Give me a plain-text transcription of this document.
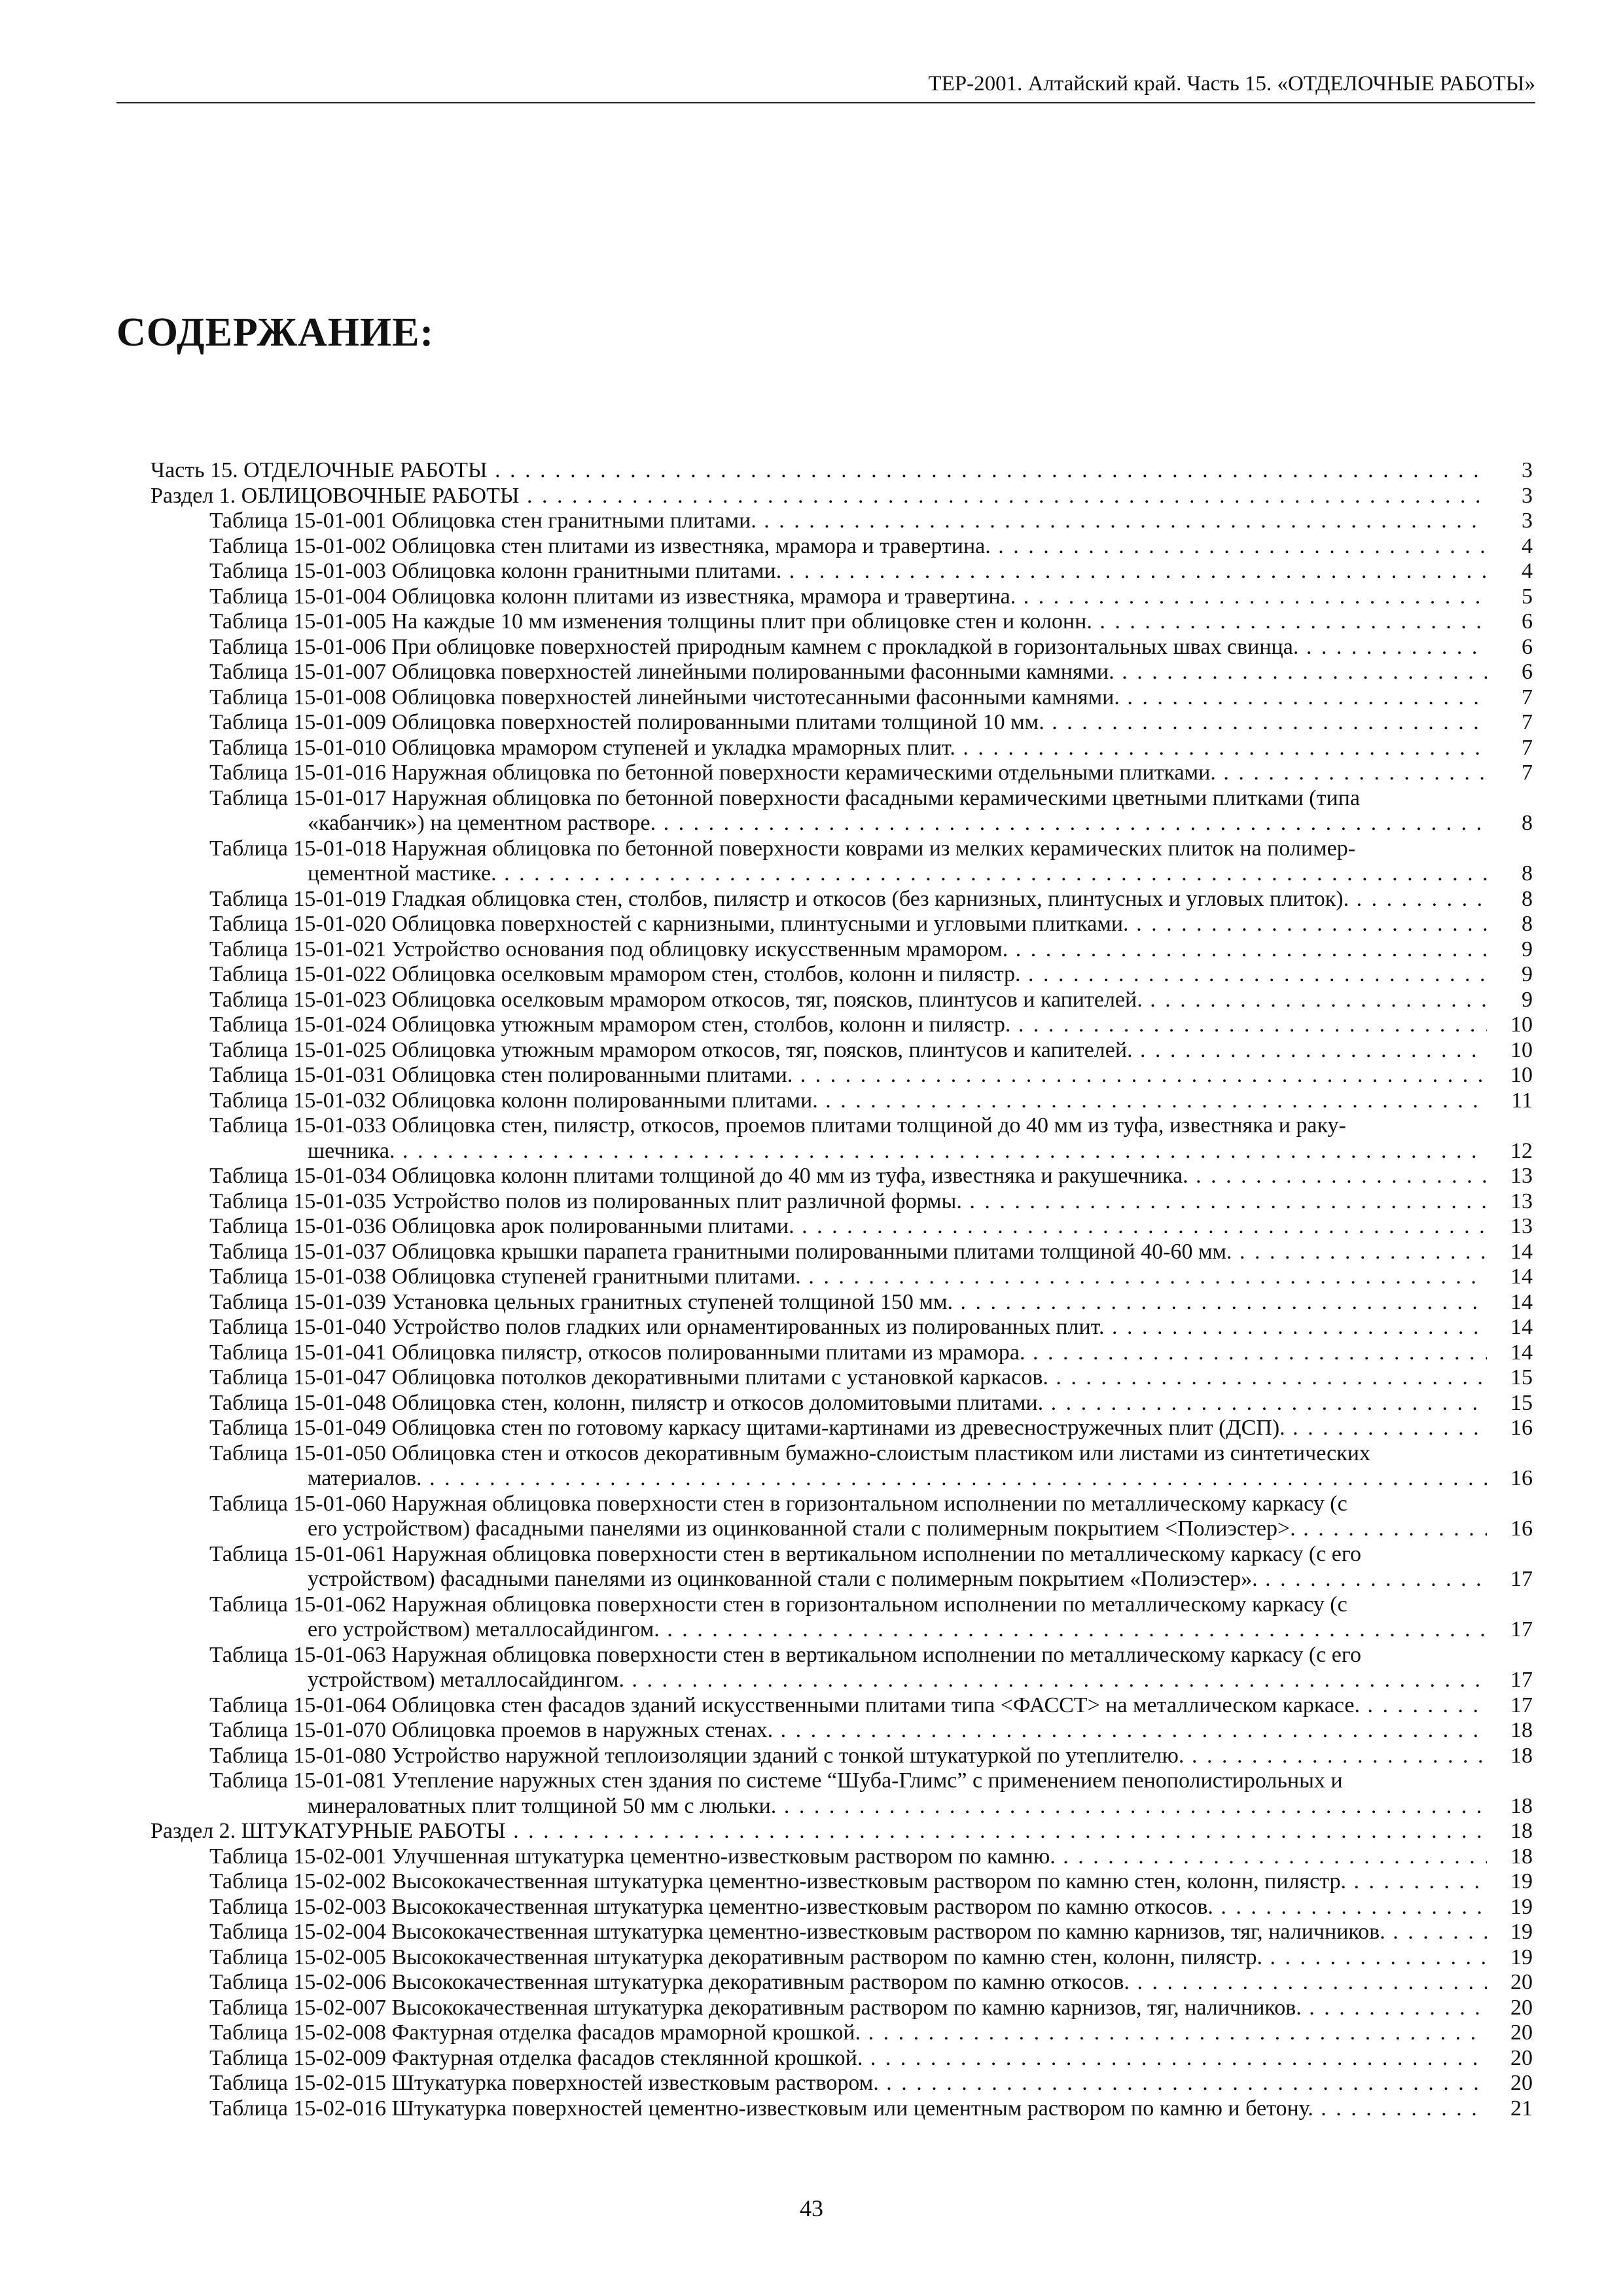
ТЕР-2001. Алтайский край. Часть 15. «ОТДЕЛОЧНЫЕ РАБОТЫ»
СОДЕРЖАНИЕ:
Часть 15. ОТДЕЛОЧНЫЕ РАБОТЫ . . .	3
Раздел 1. ОБЛИЦОВОЧНЫЕ РАБОТЫ . . .	3
Таблица 15-01-001 Облицовка стен гранитными плитами. . . .	3
Таблица 15-01-002 Облицовка стен плитами из известняка, мрамора и травертина. . . .	4
Таблица 15-01-003 Облицовка колонн гранитными плитами. . . .	4
Таблица 15-01-004 Облицовка колонн плитами из известняка, мрамора и травертина. . . .	5
Таблица 15-01-005 На каждые 10 мм изменения толщины плит при облицовке стен и колонн. . . .	6
Таблица 15-01-006 При облицовке поверхностей природным камнем с прокладкой в горизонтальных швах свинца. . . .	6
Таблица 15-01-007 Облицовка поверхностей линейными полированными фасонными камнями. . . .	6
Таблица 15-01-008 Облицовка поверхностей линейными чистотесанными фасонными камнями. . . .	7
Таблица 15-01-009 Облицовка поверхностей полированными плитами толщиной 10 мм. . . .	7
Таблица 15-01-010 Облицовка мрамором ступеней и укладка мраморных плит. . . .	7
Таблица 15-01-016 Наружная облицовка по бетонной поверхности керамическими отдельными плитками. . . .	7
Таблица 15-01-017 Наружная облицовка по бетонной поверхности фасадными керамическими цветными плитками (типа	
«кабанчик») на цементном растворе. . . .	8
Таблица 15-01-018 Наружная облицовка по бетонной поверхности коврами из мелких керамических плиток на полимер-	
цементной мастике. . . .	8
Таблица 15-01-019 Гладкая облицовка стен, столбов, пилястр и откосов (без карнизных, плинтусных и угловых плиток). . . .	8
Таблица 15-01-020 Облицовка поверхностей с карнизными, плинтусными и угловыми плитками. . . .	8
Таблица 15-01-021 Устройство основания под облицовку искусственным мрамором. . . .	9
Таблица 15-01-022 Облицовка оселковым мрамором стен, столбов, колонн и пилястр. . . .	9
Таблица 15-01-023 Облицовка оселковым мрамором откосов, тяг, поясков, плинтусов и капителей. . . .	9
Таблица 15-01-024 Облицовка утюжным мрамором стен, столбов, колонн и пилястр. . . .	10
Таблица 15-01-025 Облицовка утюжным мрамором откосов, тяг, поясков, плинтусов и капителей. . . .	10
Таблица 15-01-031 Облицовка стен полированными плитами. . . .	10
Таблица 15-01-032 Облицовка колонн полированными плитами. . . .	11
Таблица 15-01-033 Облицовка стен, пилястр, откосов, проемов плитами толщиной до 40 мм из туфа, известняка и раку-	
шечника. . . .	12
Таблица 15-01-034 Облицовка колонн плитами толщиной до 40 мм из туфа, известняка и ракушечника. . . .	13
Таблица 15-01-035 Устройство полов из полированных плит различной формы. . . .	13
Таблица 15-01-036 Облицовка арок полированными плитами. . . .	13
Таблица 15-01-037 Облицовка крышки парапета гранитными полированными плитами толщиной 40-60 мм. . . .	14
Таблица 15-01-038 Облицовка ступеней гранитными плитами. . . .	14
Таблица 15-01-039 Установка цельных гранитных ступеней толщиной 150 мм. . . .	14
Таблица 15-01-040 Устройство полов гладких или орнаментированных из полированных плит. . . .	14
Таблица 15-01-041 Облицовка пилястр, откосов полированными плитами из мрамора. . . .	14
Таблица 15-01-047 Облицовка потолков декоративными плитами с установкой каркасов. . . .	15
Таблица 15-01-048 Облицовка стен, колонн, пилястр и откосов доломитовыми плитами. . . .	15
Таблица 15-01-049 Облицовка стен по готовому каркасу щитами-картинами из древесностружечных плит (ДСП). . . .	16
Таблица 15-01-050 Облицовка стен и откосов декоративным бумажно-слоистым пластиком или листами из синтетических	
материалов. . . .	16
Таблица 15-01-060 Наружная облицовка поверхности стен в горизонтальном исполнении по металлическому каркасу (с	
его устройством) фасадными панелями из оцинкованной стали с полимерным покрытием <Полиэстер>. . . .	16
Таблица 15-01-061 Наружная облицовка поверхности стен в вертикальном исполнении по металлическому каркасу (с его	
устройством) фасадными панелями из оцинкованной стали с полимерным покрытием «Полиэстер». . . .	17
Таблица 15-01-062 Наружная облицовка поверхности стен в горизонтальном исполнении по металлическому каркасу (с	
его устройством) металлосайдингом. . . .	17
Таблица 15-01-063 Наружная облицовка поверхности стен в вертикальном исполнении по металлическому каркасу (с его	
устройством) металлосайдингом. . . .	17
Таблица 15-01-064 Облицовка стен фасадов зданий искусственными плитами типа <ФАССТ> на металлическом каркасе. . . .	17
Таблица 15-01-070 Облицовка проемов в наружных стенах. . . .	18
Таблица 15-01-080 Устройство наружной теплоизоляции зданий с тонкой штукатуркой по утеплителю. . . .	18
Таблица 15-01-081 Утепление наружных стен здания по системе “Шуба-Глимс” с применением пенополистирольных и	
минераловатных плит толщиной 50 мм с люльки. . . .	18
Раздел 2. ШТУКАТУРНЫЕ РАБОТЫ . . .	18
Таблица 15-02-001 Улучшенная штукатурка цементно-известковым раствором по камню. . . .	18
Таблица 15-02-002 Высококачественная штукатурка цементно-известковым раствором по камню стен, колонн, пилястр. . . .	19
Таблица 15-02-003 Высококачественная штукатурка цементно-известковым раствором по камню откосов. . . .	19
Таблица 15-02-004 Высококачественная штукатурка цементно-известковым раствором по камню карнизов, тяг, наличников. . . .	19
Таблица 15-02-005 Высококачественная штукатурка декоративным раствором по камню стен, колонн, пилястр. . . .	19
Таблица 15-02-006 Высококачественная штукатурка декоративным раствором по камню откосов. . . .	20
Таблица 15-02-007 Высококачественная штукатурка декоративным раствором по камню карнизов, тяг, наличников. . . .	20
Таблица 15-02-008 Фактурная отделка фасадов мраморной крошкой. . . .	20
Таблица 15-02-009 Фактурная отделка фасадов стеклянной крошкой. . . .	20
Таблица 15-02-015 Штукатурка поверхностей известковым раствором. . . .	20
Таблица 15-02-016 Штукатурка поверхностей цементно-известковым или цементным раствором по камню и бетону. . . .	21
43
